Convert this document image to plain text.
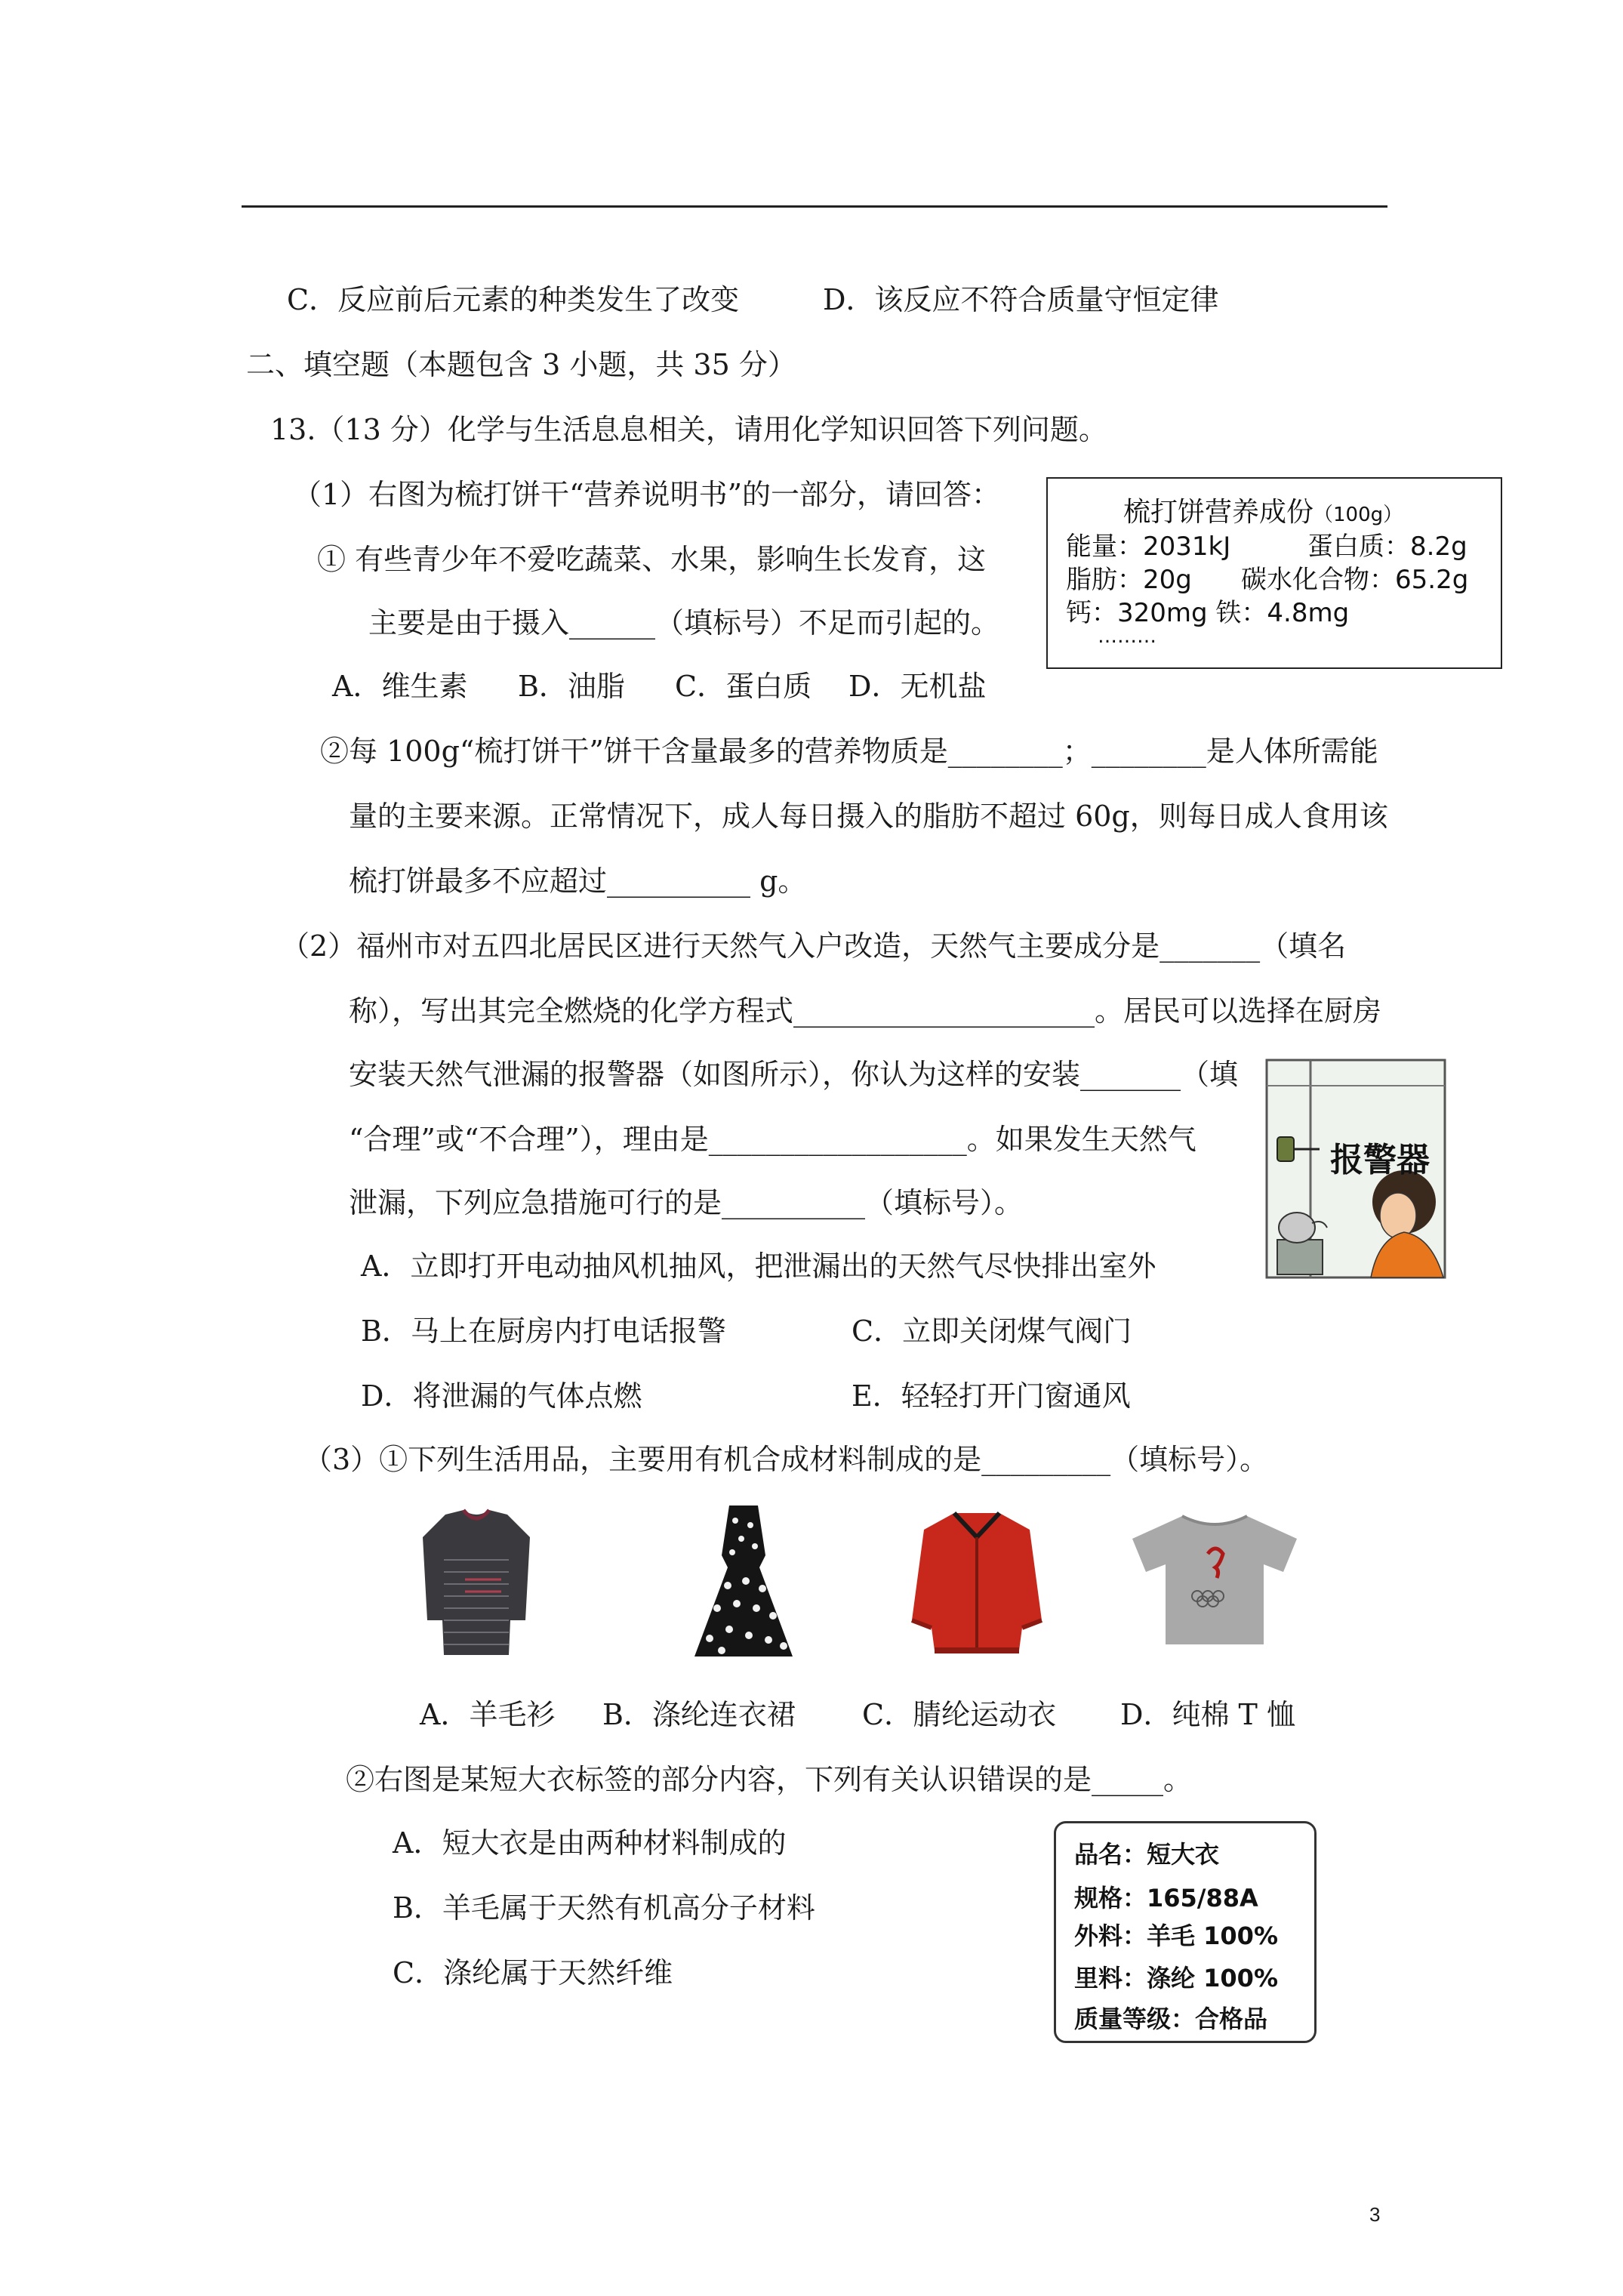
C．反应前后元素的种类发生了改变	D．该反应不符合质量守恒定律
二、填空题（本题包含 3 小题，共 35 分）
13.（13 分）化学与生活息息相关，请用化学知识回答下列问题。
（1）右图为梳打饼干“营养说明书”的一部分，请回答：
① 有些青少年不爱吃蔬菜、水果，影响生长发育，这
主要是由于摄入______（填标号）不足而引起的。
A．维生素 B．油脂 C．蛋白质 D．无机盐
②每 100g“梳打饼干”饼干含量最多的营养物质是________；________是人体所需能
量的主要来源。正常情况下，成人每日摄入的脂肪不超过 60g，则每日成人食用该
梳打饼最多不应超过__________ g。
梳打饼营养成份（100g）
能量：2031kJ	蛋白质：8.2g
脂肪：20g 碳水化合物：65.2g
钙：320mg 铁：4.8mg
………
（2）福州市对五四北居民区进行天然气入户改造，天然气主要成分是_______（填名
称），写出其完全燃烧的化学方程式_____________________。居民可以选择在厨房
安装天然气泄漏的报警器（如图所示），你认为这样的安装_______（填
“合理”或“不合理”），理由是__________________。如果发生天然气
泄漏，下列应急措施可行的是__________（填标号）。
报警器
A．立即打开电动抽风机抽风，把泄漏出的天然气尽快排出室外
B．马上在厨房内打电话报警	C．立即关闭煤气阀门
D．将泄漏的气体点燃	E．轻轻打开门窗通风
（3）①下列生活用品，主要用有机合成材料制成的是_________（填标号）。
A．羊毛衫 B．涤纶连衣裙 C．腈纶运动衣 D．纯棉 T 恤
②右图是某短大衣标签的部分内容，下列有关认识错误的是_____。
A．短大衣是由两种材料制成的
B．羊毛属于天然有机高分子材料
C．涤纶属于天然纤维
品名：短大衣
规格：165/88A
外料：羊毛 100%
里料：涤纶 100%
质量等级：合格品
3
